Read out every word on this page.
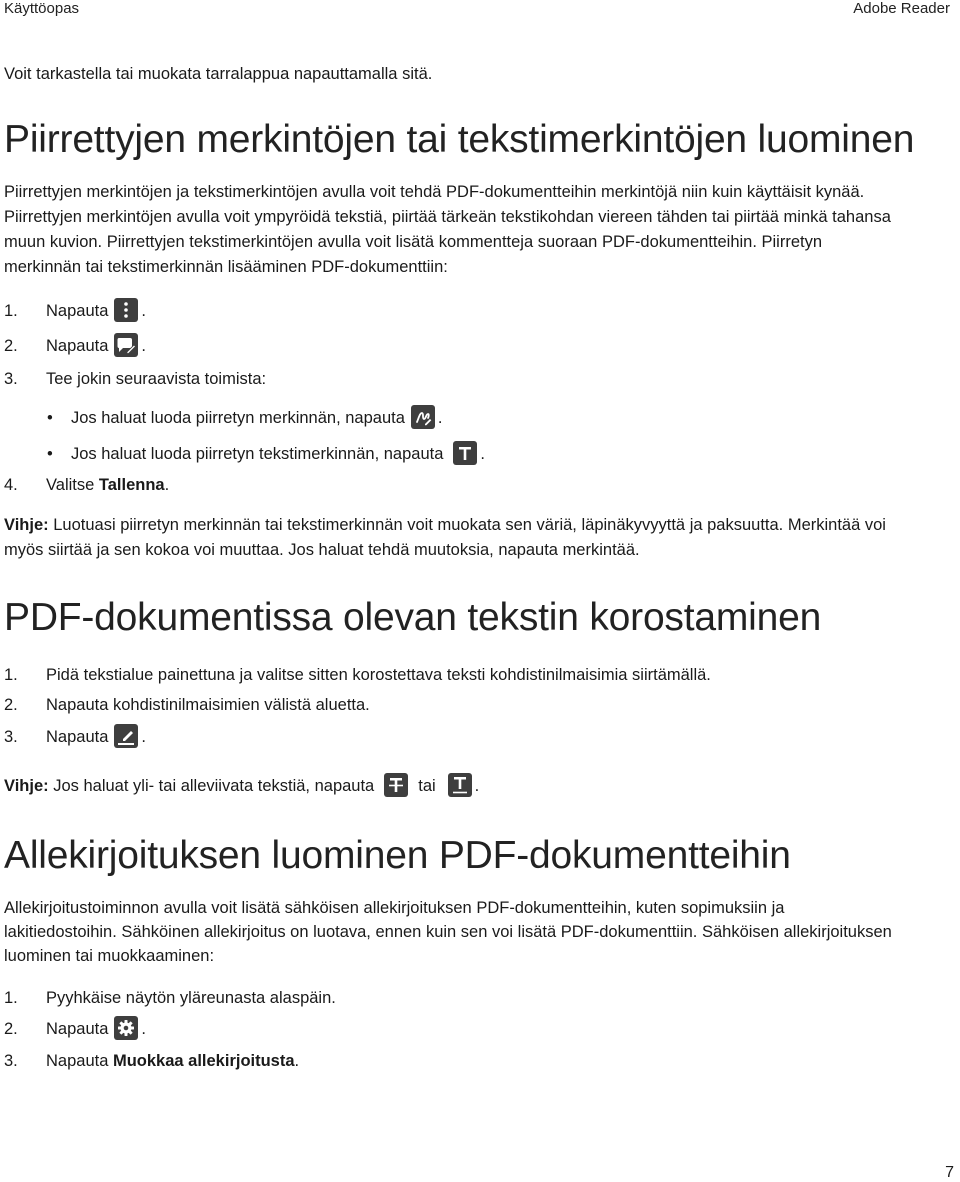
Käyttöopas	Adobe Reader
Voit tarkastella tai muokata tarralappua napauttamalla sitä.
Piirrettyjen merkintöjen tai tekstimerkintöjen luominen
Piirrettyjen merkintöjen ja tekstimerkintöjen avulla voit tehdä PDF-dokumentteihin merkintöjä niin kuin käyttäisit kynää.
Piirrettyjen merkintöjen avulla voit ympyröidä tekstiä, piirtää tärkeän tekstikohdan viereen tähden tai piirtää minkä tahansa
muun kuvion. Piirrettyjen tekstimerkintöjen avulla voit lisätä kommentteja suoraan PDF-dokumentteihin. Piirretyn
merkinnän tai tekstimerkinnän lisääminen PDF-dokumenttiin:
1. Napauta .
2. Napauta .
3. Tee jokin seuraavista toimista:
• Jos haluat luoda piirretyn merkinnän, napauta .
• Jos haluat luoda piirretyn tekstimerkinnän, napauta .
4. Valitse Tallenna.
Vihje: Luotuasi piirretyn merkinnän tai tekstimerkinnän voit muokata sen väriä, läpinäkyvyyttä ja paksuutta. Merkintää voi
myös siirtää ja sen kokoa voi muuttaa. Jos haluat tehdä muutoksia, napauta merkintää.
PDF-dokumentissa olevan tekstin korostaminen
1. Pidä tekstialue painettuna ja valitse sitten korostettava teksti kohdistinilmaisimia siirtämällä.
2. Napauta kohdistinilmaisimien välistä aluetta.
3. Napauta .
Vihje: Jos haluat yli- tai alleviivata tekstiä, napauta	tai .
Allekirjoituksen luominen PDF-dokumentteihin
Allekirjoitustoiminnon avulla voit lisätä sähköisen allekirjoituksen PDF-dokumentteihin, kuten sopimuksiin ja
lakitiedostoihin. Sähköinen allekirjoitus on luotava, ennen kuin sen voi lisätä PDF-dokumenttiin. Sähköisen allekirjoituksen
luominen tai muokkaaminen:
1. Pyyhkäise näytön yläreunasta alaspäin.
2. Napauta .
3. Napauta Muokkaa allekirjoitusta.
7
